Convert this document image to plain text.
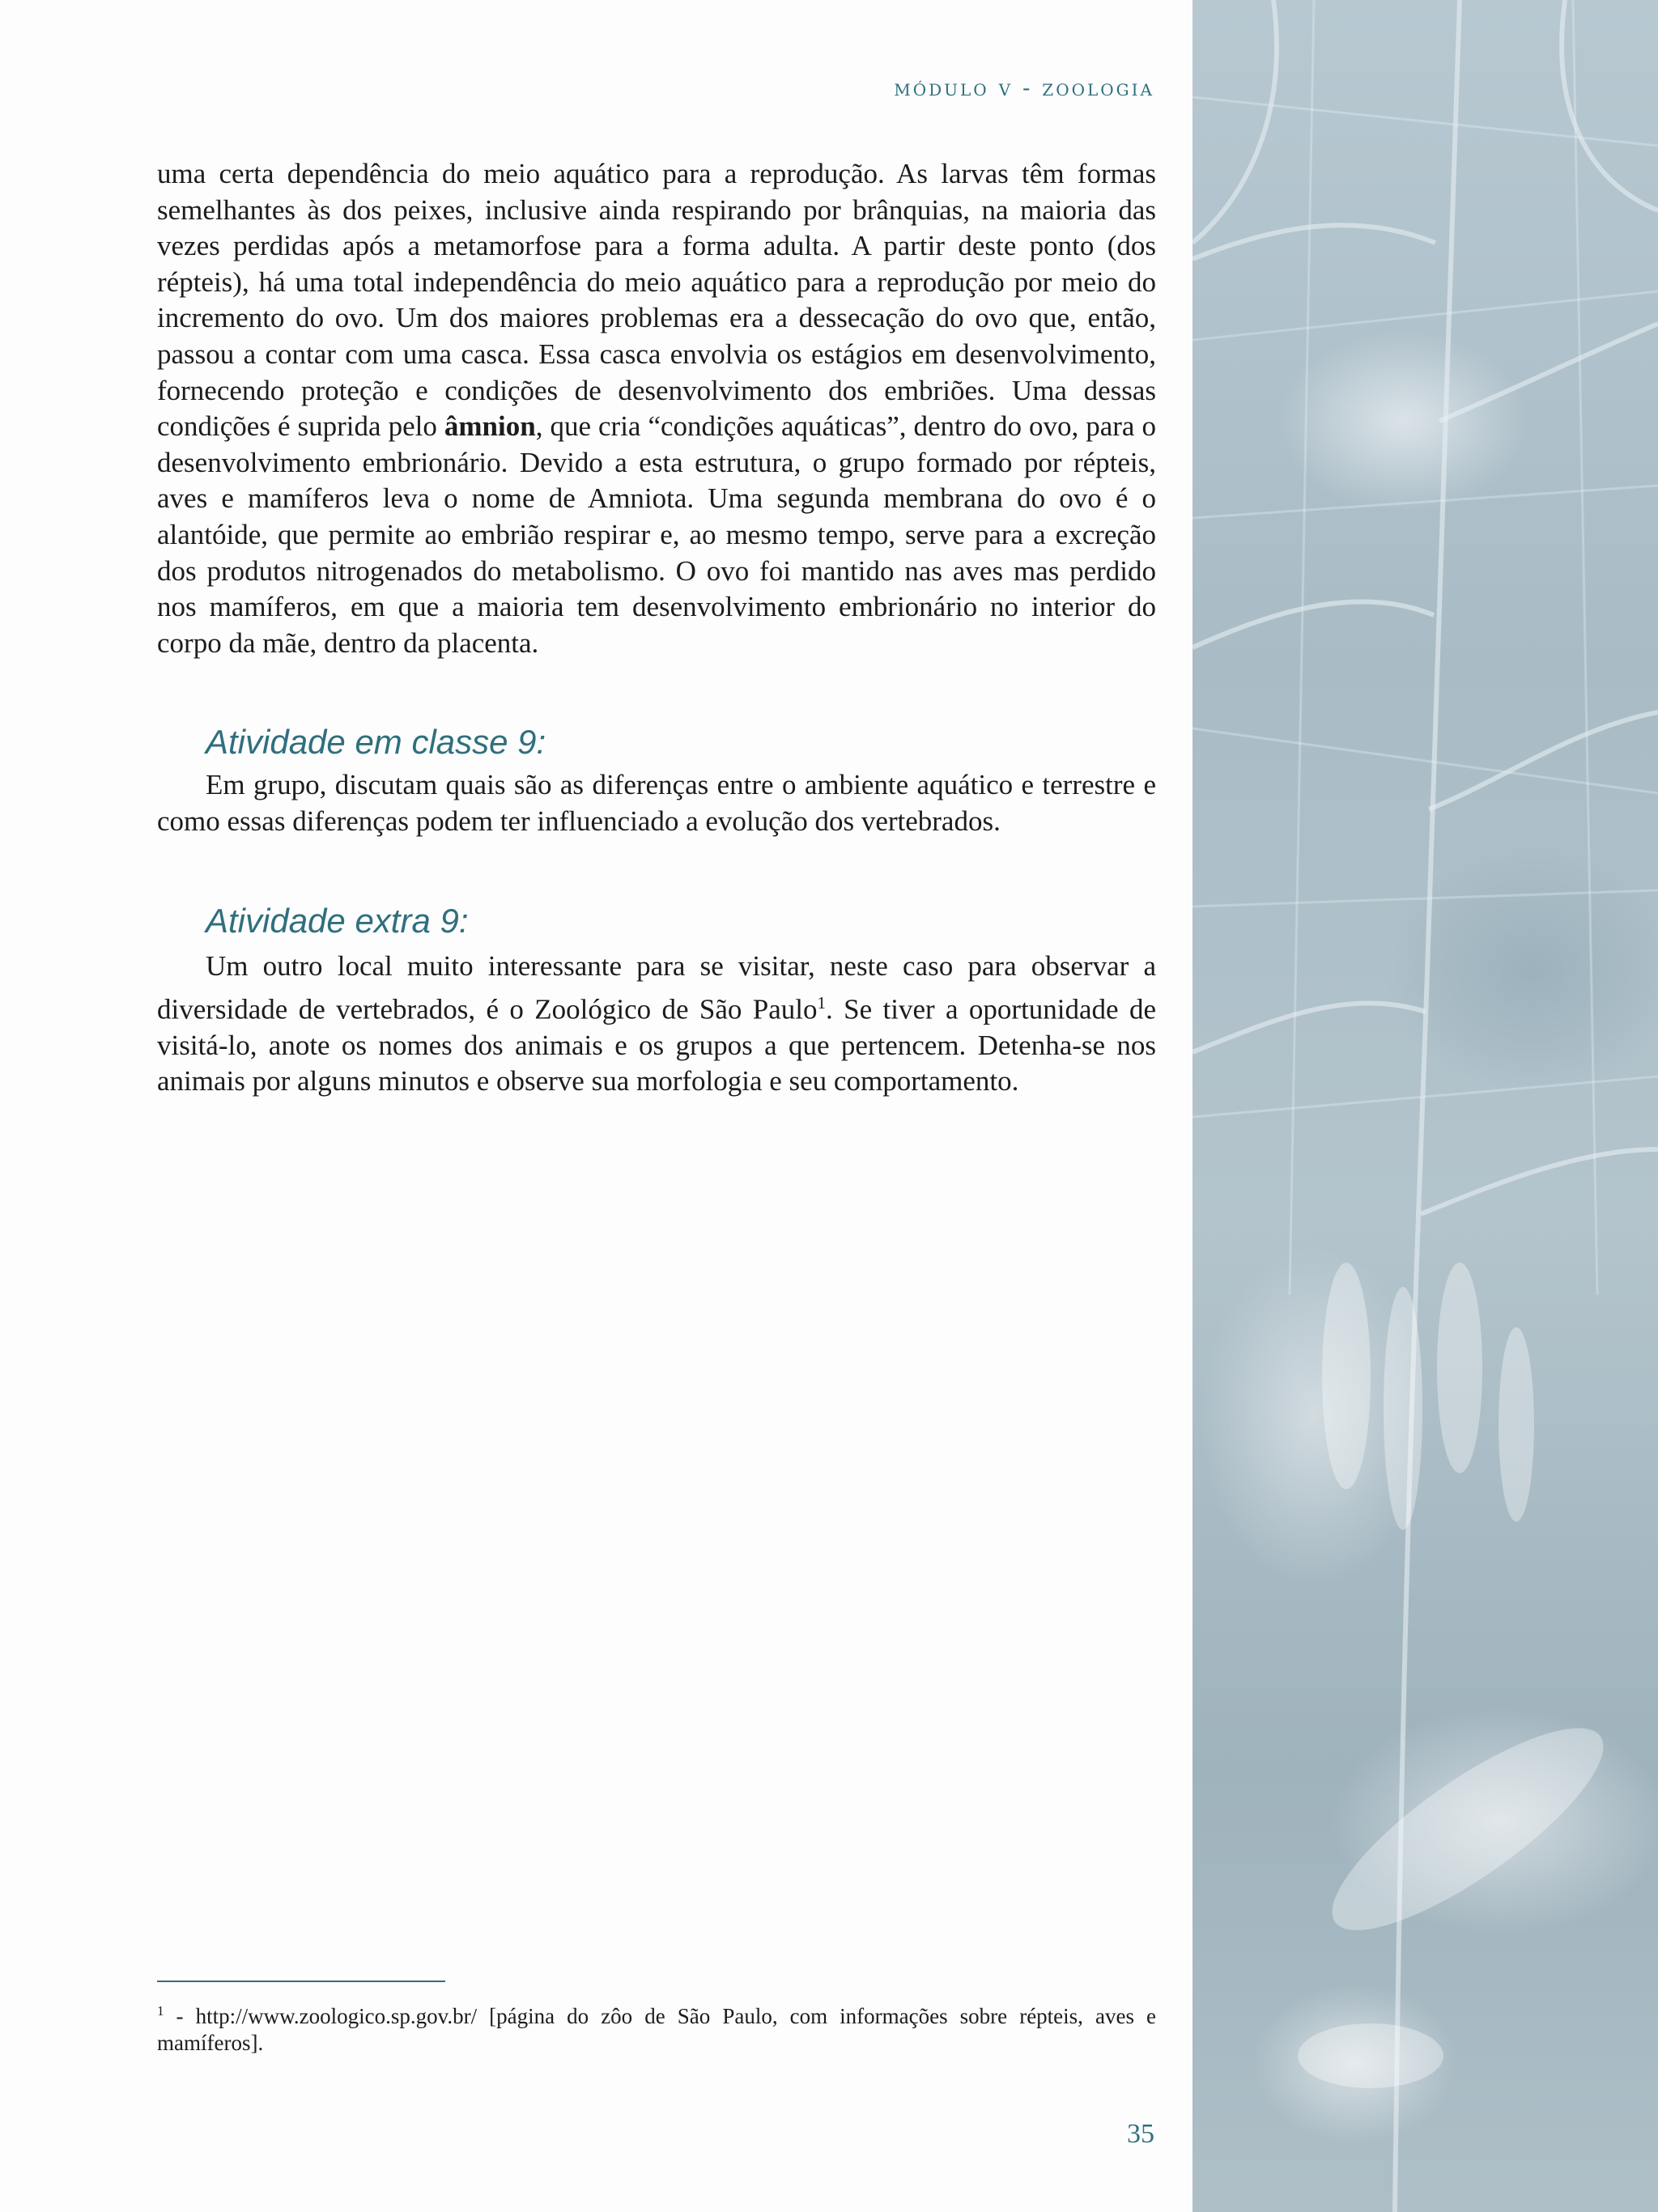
módulo v - zoologia

uma certa dependência do meio aquático para a reprodução. As larvas têm formas semelhantes às dos peixes, inclusive ainda respirando por brânquias, na maioria das vezes perdidas após a metamorfose para a forma adulta. A partir deste ponto (dos répteis), há uma total independência do meio aquático para a reprodução por meio do incremento do ovo. Um dos maiores problemas era a dessecação do ovo que, então, passou a contar com uma casca. Essa casca envolvia os estágios em desenvolvimento, fornecendo proteção e condições de desenvolvimento dos embriões. Uma dessas condições é suprida pelo âmnion, que cria “condições aquáticas”, dentro do ovo, para o desenvolvimento embrionário. Devido a esta estrutura, o grupo formado por répteis, aves e mamíferos leva o nome de Amniota. Uma segunda membrana do ovo é o alantóide, que permite ao embrião respirar e, ao mesmo tempo, serve para a excreção dos produtos nitrogenados do metabolismo. O ovo foi mantido nas aves mas perdido nos mamíferos, em que a maioria tem desenvolvimento embrionário no interior do corpo da mãe, dentro da placenta.

Atividade em classe 9:

Em grupo, discutam quais são as diferenças entre o ambiente aquático e terrestre e como essas diferenças podem ter influenciado a evolução dos vertebrados.

Atividade extra 9:

Um outro local muito interessante para se visitar, neste caso para observar a diversidade de vertebrados, é o Zoológico de São Paulo$^1$. Se tiver a oportunidade de visitá-lo, anote os nomes dos animais e os grupos a que pertencem. Detenha-se nos animais por alguns minutos e observe sua morfologia e seu comportamento.

$^1$ - http://www.zoologico.sp.gov.br/ [página do zôo de São Paulo, com informações sobre répteis, aves e mamíferos].
35
